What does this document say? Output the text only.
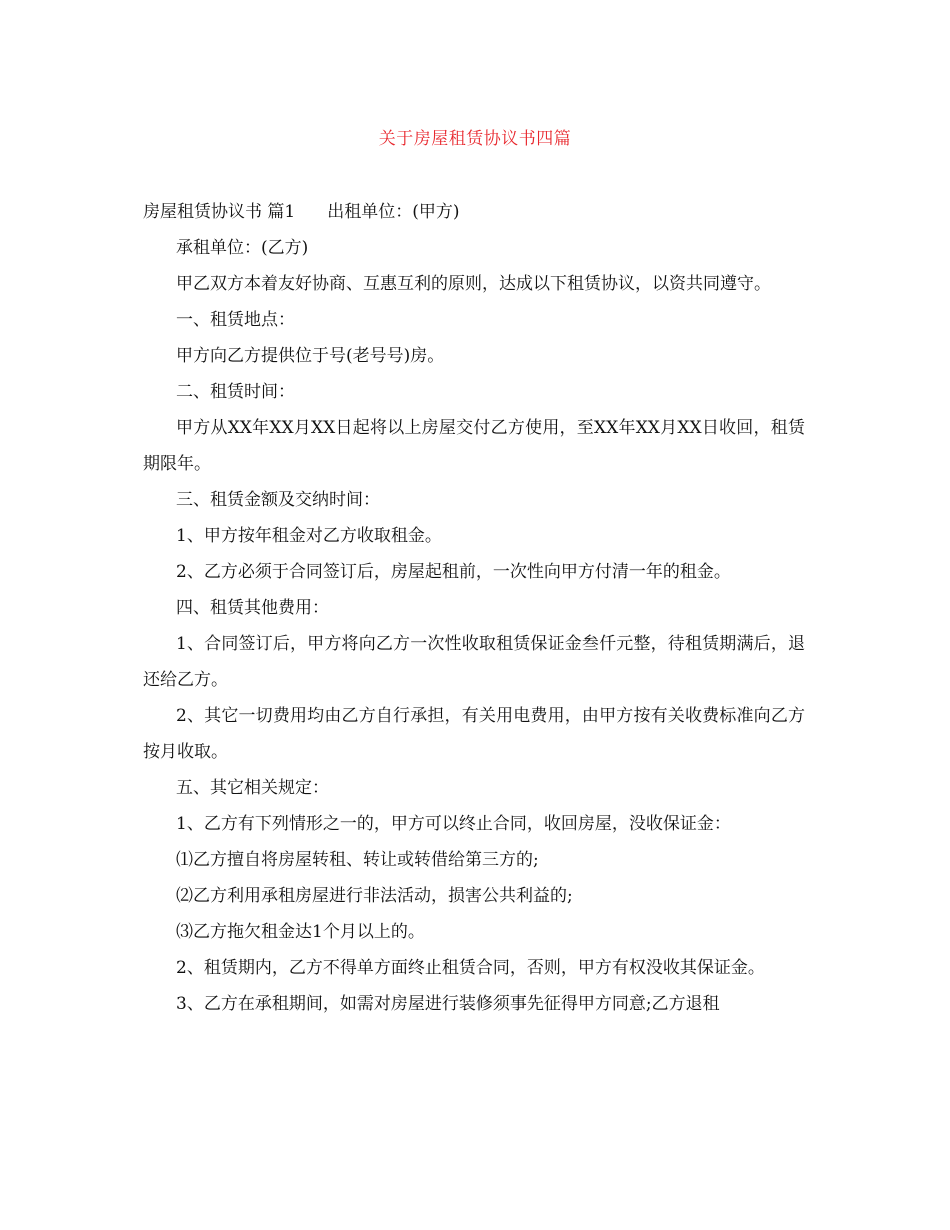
关于房屋租赁协议书四篇

房屋租赁协议书 篇1 出租单位：(甲方)

承租单位：(乙方)

甲乙双方本着友好协商、互惠互利的原则，达成以下租赁协议，以资共同遵守。

一、租赁地点：

甲方向乙方提供位于号(老号号)房。

二、租赁时间：

甲方从XX年XX月XX日起将以上房屋交付乙方使用，至XX年XX月XX日收回，租赁期限年。

三、租赁金额及交纳时间：

1、甲方按年租金对乙方收取租金。

2、乙方必须于合同签订后，房屋起租前，一次性向甲方付清一年的租金。

四、租赁其他费用：

1、合同签订后，甲方将向乙方一次性收取租赁保证金叁仟元整，待租赁期满后，退还给乙方。

2、其它一切费用均由乙方自行承担，有关用电费用，由甲方按有关收费标准向乙方按月收取。

五、其它相关规定：

1、乙方有下列情形之一的，甲方可以终止合同，收回房屋，没收保证金：

⑴乙方擅自将房屋转租、转让或转借给第三方的;

⑵乙方利用承租房屋进行非法活动，损害公共利益的;

⑶乙方拖欠租金达1个月以上的。

2、租赁期内，乙方不得单方面终止租赁合同，否则，甲方有权没收其保证金。

3、乙方在承租期间，如需对房屋进行装修须事先征得甲方同意;乙方退租
